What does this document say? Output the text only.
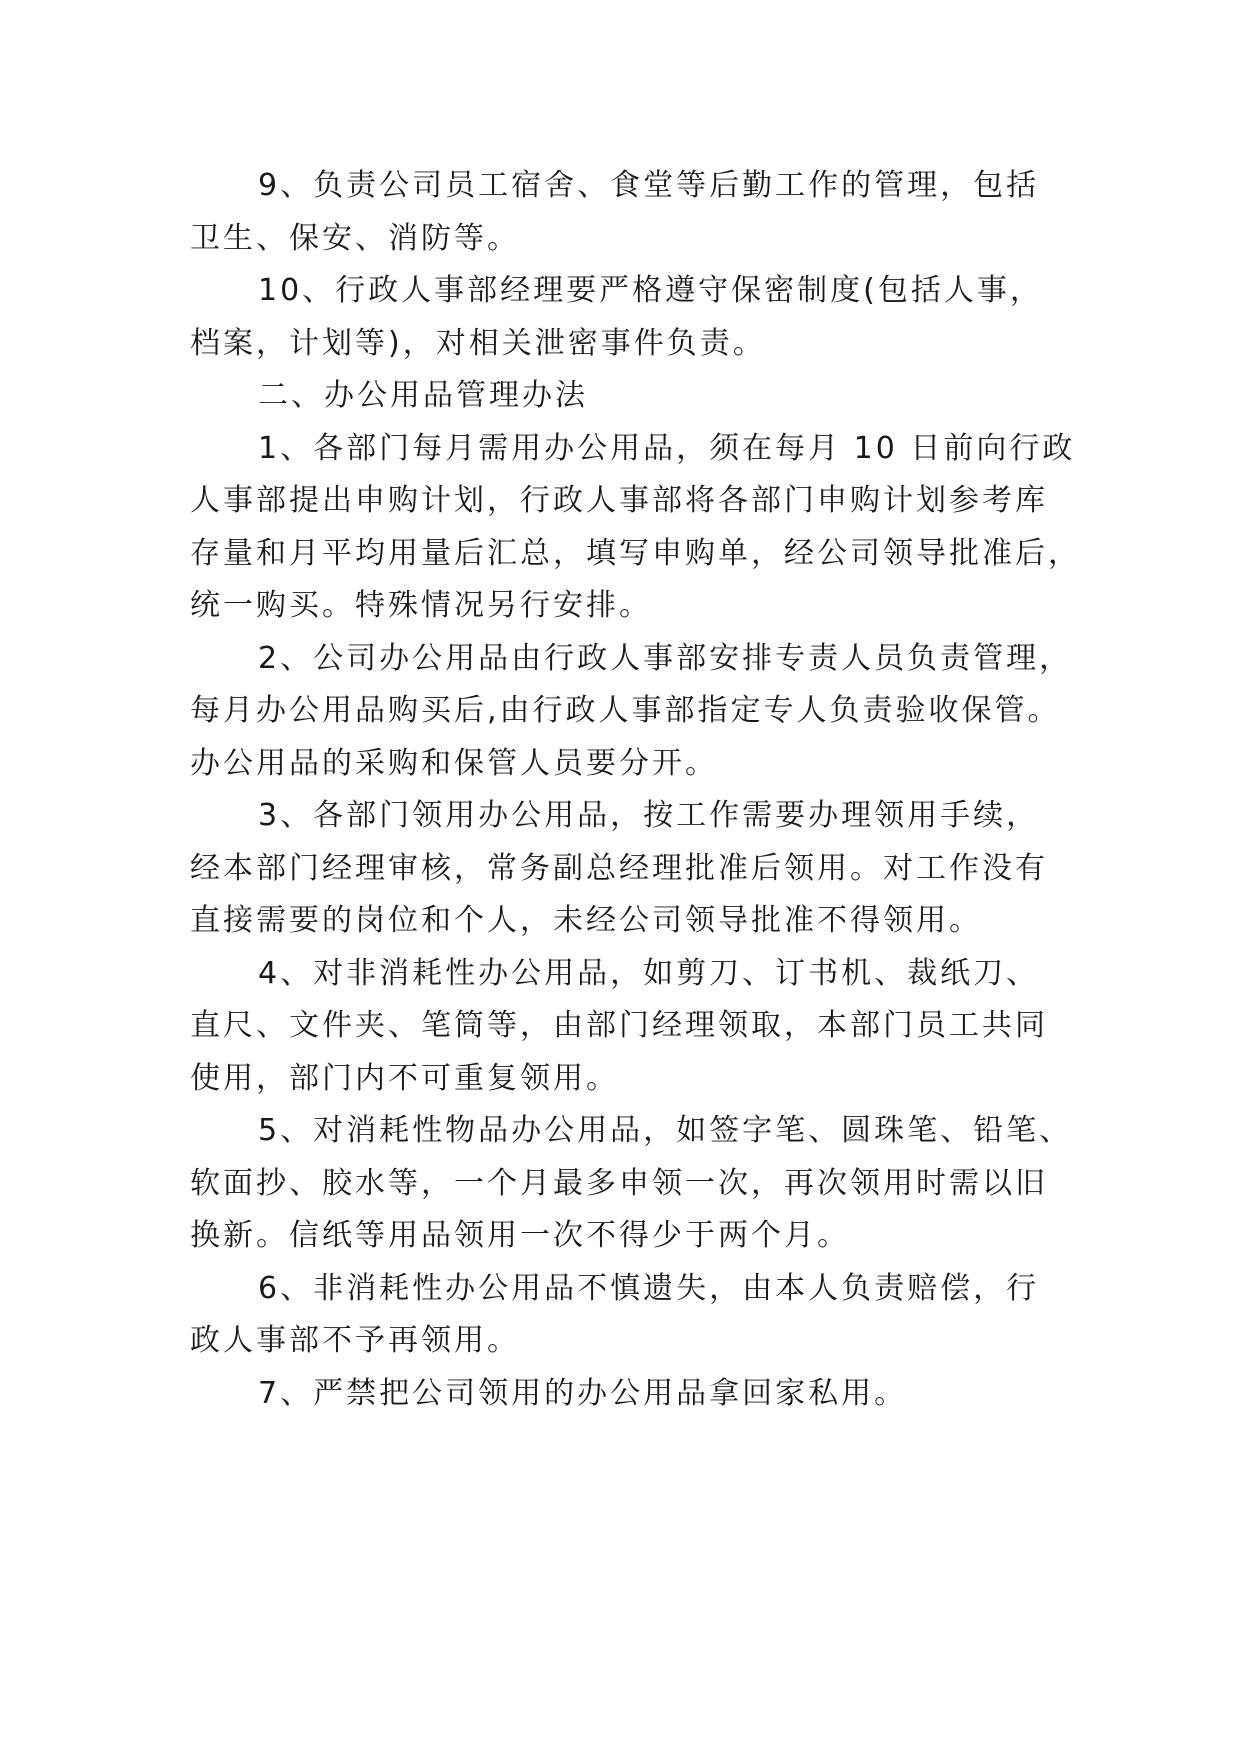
9、负责公司员工宿舍、食堂等后勤工作的管理，包括
卫生、保安、消防等。
10、行政人事部经理要严格遵守保密制度(包括人事，
档案，计划等)，对相关泄密事件负责。
二、办公用品管理办法
1、各部门每月需用办公用品，须在每月 10 日前向行政
人事部提出申购计划，行政人事部将各部门申购计划参考库
存量和月平均用量后汇总，填写申购单，经公司领导批准后，
统一购买。特殊情况另行安排。
2、公司办公用品由行政人事部安排专责人员负责管理，
每月办公用品购买后,由行政人事部指定专人负责验收保管。
办公用品的采购和保管人员要分开。
3、各部门领用办公用品，按工作需要办理领用手续，
经本部门经理审核，常务副总经理批准后领用。对工作没有
直接需要的岗位和个人，未经公司领导批准不得领用。
4、对非消耗性办公用品，如剪刀、订书机、裁纸刀、
直尺、文件夹、笔筒等，由部门经理领取，本部门员工共同
使用，部门内不可重复领用。
5、对消耗性物品办公用品，如签字笔、圆珠笔、铅笔、
软面抄、胶水等，一个月最多申领一次，再次领用时需以旧
换新。信纸等用品领用一次不得少于两个月。
6、非消耗性办公用品不慎遗失，由本人负责赔偿，行
政人事部不予再领用。
7、严禁把公司领用的办公用品拿回家私用。
